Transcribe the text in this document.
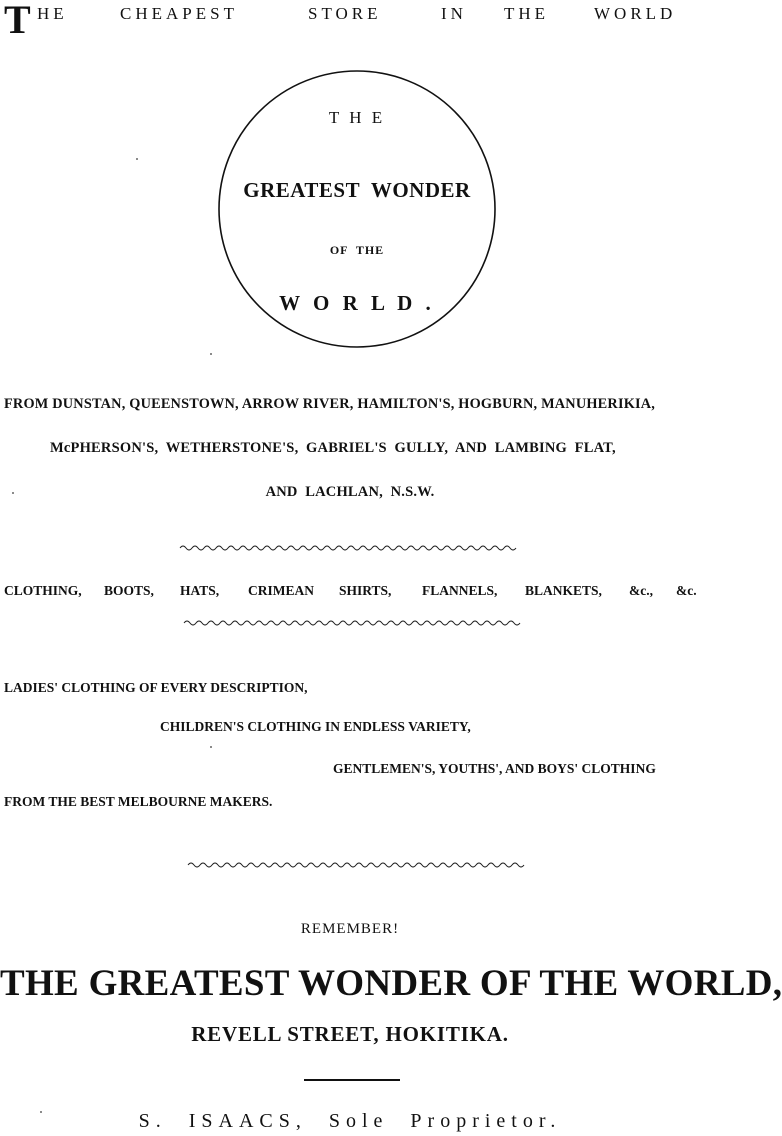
T HE	CHEAPEST	STORE	IN THE	WORLD
T H E
GREATEST  WONDER
OF  THE
W O R L D .
FROM DUNSTAN, QUEENSTOWN, ARROW RIVER, HAMILTON'S, HOGBURN, MANUHERIKIA,
McPHERSON'S,  WETHERSTONE'S,  GABRIEL'S  GULLY,  AND  LAMBING  FLAT,
AND  LACHLAN,  N.S.W.
CLOTHING, BOOTS, HATS, CRIMEAN SHIRTS, FLANNELS, BLANKETS, &c., &c.
LADIES' CLOTHING OF EVERY DESCRIPTION,
CHILDREN'S CLOTHING IN ENDLESS VARIETY,
GENTLEMEN'S, YOUTHS', AND BOYS' CLOTHING
FROM THE BEST MELBOURNE MAKERS.
REMEMBER!
THE GREATEST WONDER OF THE WORLD,
REVELL STREET, HOKITIKA.
S.  ISAACS,  Sole  Proprietor.
